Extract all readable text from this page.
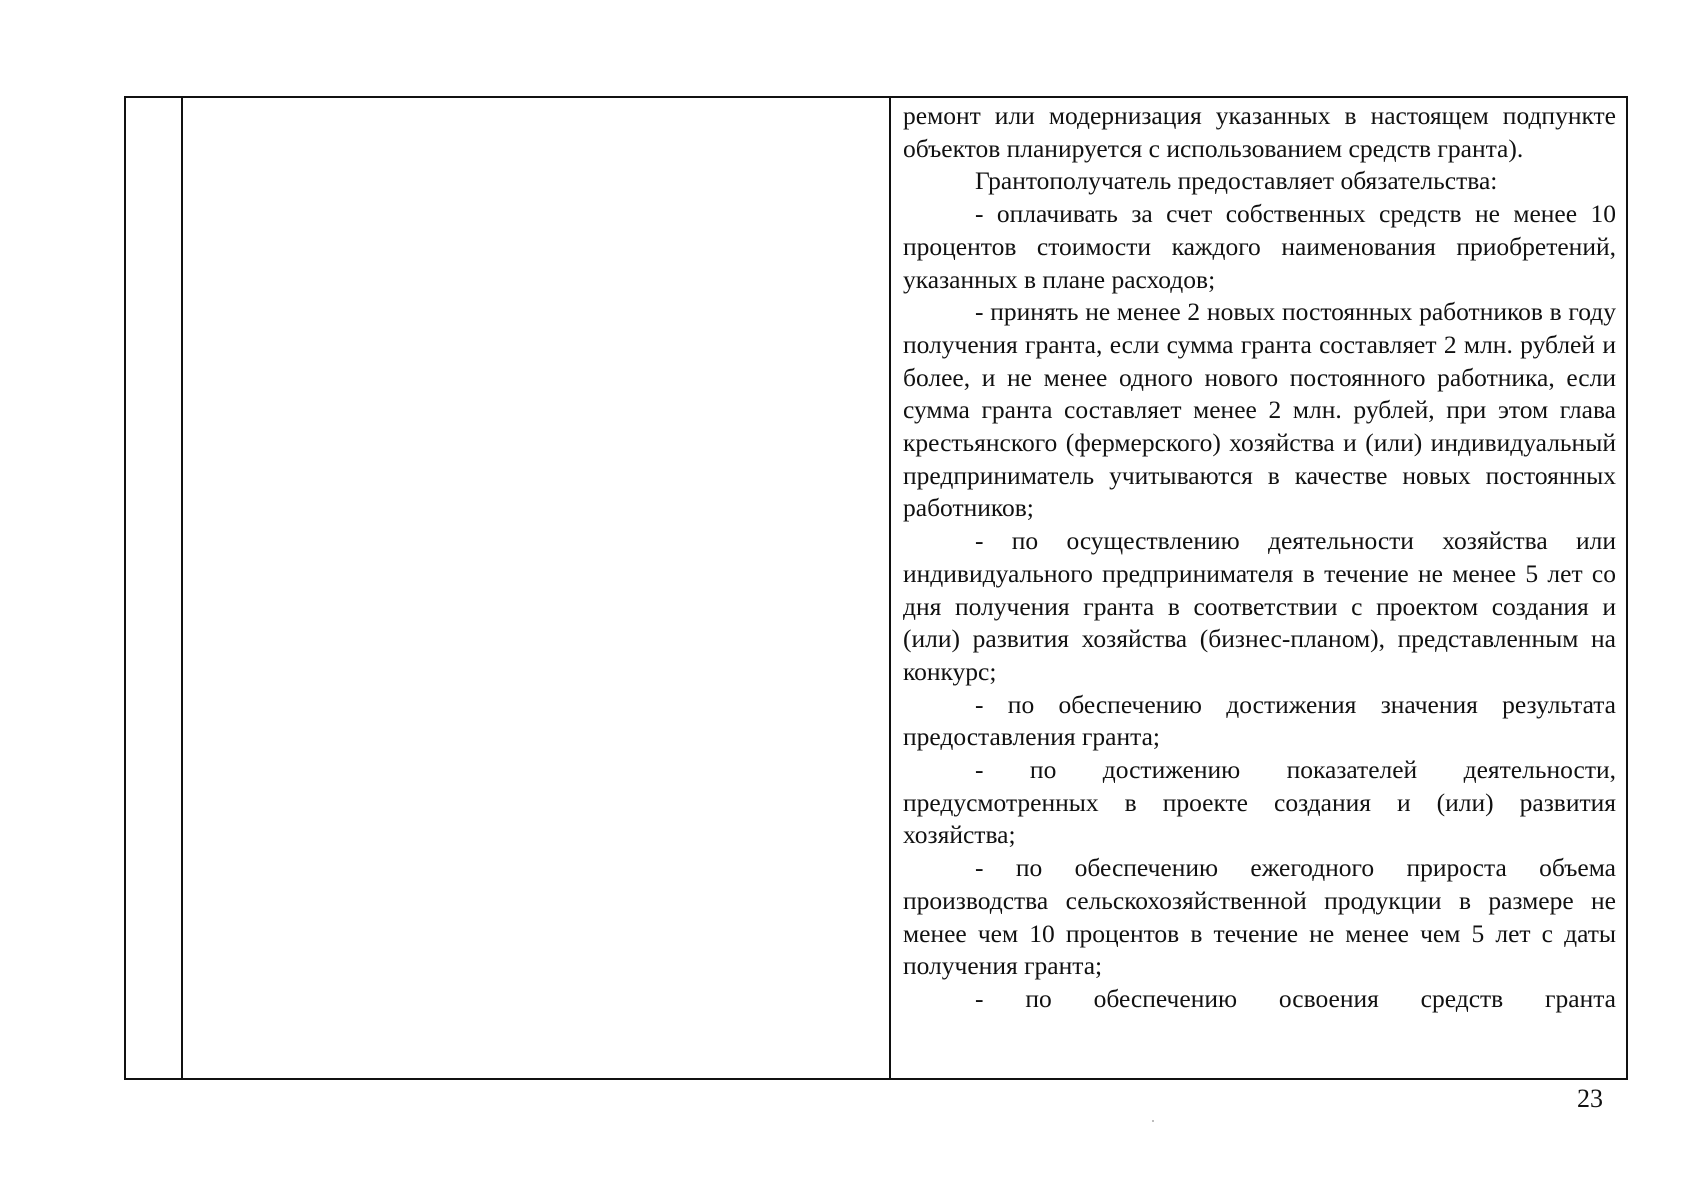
ремонт или модернизация указанных в настоящем подпункте объектов планируется с использованием средств гранта).

Грантополучатель предоставляет обязательства:

- оплачивать за счет собственных средств не менее 10 процентов стоимости каждого наименования приобретений, указанных в плане расходов;

- принять не менее 2 новых постоянных работников в году получения гранта, если сумма гранта составляет 2 млн. рублей и более, и не менее одного нового постоянного работника, если сумма гранта составляет менее 2 млн. рублей, при этом глава крестьянского (фермерского) хозяйства и (или) индивидуальный предприниматель учитываются в качестве новых постоянных работников;

- по осуществлению деятельности хозяйства или индивидуального предпринимателя в течение не менее 5 лет со дня получения гранта в соответствии с проектом создания и (или) развития хозяйства (бизнес-планом), представленным на конкурс;

- по обеспечению достижения значения результата предоставления гранта;

- по достижению показателей деятельности, предусмотренных в проекте создания и (или) развития хозяйства;

- по обеспечению ежегодного прироста объема производства сельскохозяйственной продукции в размере не менее чем 10 процентов в течение не менее чем 5 лет с даты получения гранта;

- по обеспечению освоения средств гранта

23
